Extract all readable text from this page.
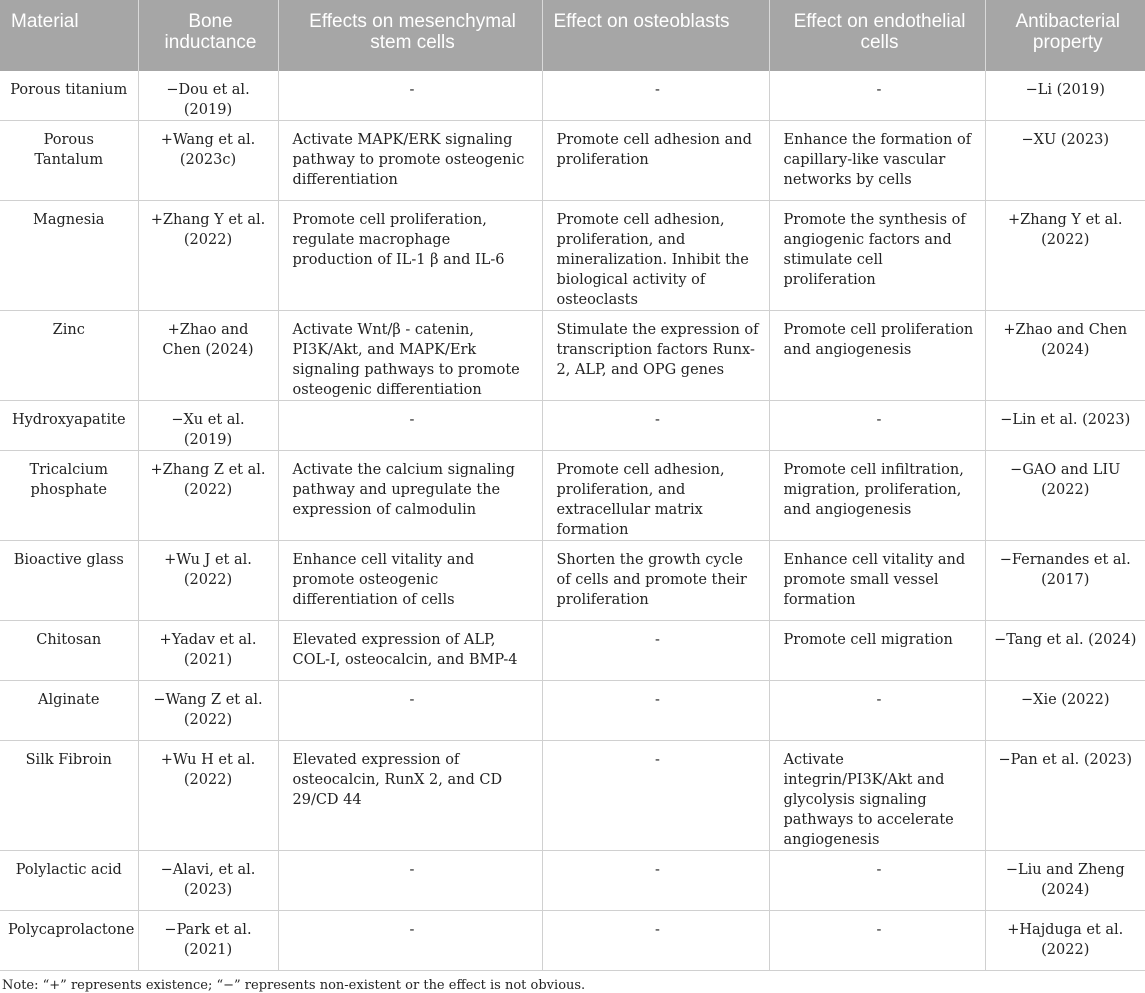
Material	Bone inductance	Effects on mesenchymal stem cells	Effect on osteoblasts	Effect on endothelial cells	Antibacterial property
Porous titanium	−Dou et al. (2019)	-	-	-	−Li (2019)
Porous Tantalum	+Wang et al. (2023c)	Activate MAPK/ERK signaling pathway to promote osteogenic differentiation	Promote cell adhesion and proliferation	Enhance the formation of capillary-like vascular networks by cells	−XU (2023)
Magnesia	+Zhang Y et al. (2022)	Promote cell proliferation, regulate macrophage production of IL-1 β and IL-6	Promote cell adhesion, proliferation, and mineralization. Inhibit the biological activity of osteoclasts	Promote the synthesis of angiogenic factors and stimulate cell proliferation	+Zhang Y et al. (2022)
Zinc	+Zhao and Chen (2024)	Activate Wnt/β - catenin, PI3K/Akt, and MAPK/Erk signaling pathways to promote osteogenic differentiation	Stimulate the expression of transcription factors Runx-2, ALP, and OPG genes	Promote cell proliferation and angiogenesis	+Zhao and Chen (2024)
Hydroxyapatite	−Xu et al. (2019)	-	-	-	−Lin et al. (2023)
Tricalcium phosphate	+Zhang Z et al. (2022)	Activate the calcium signaling pathway and upregulate the expression of calmodulin	Promote cell adhesion, proliferation, and extracellular matrix formation	Promote cell infiltration, migration, proliferation, and angiogenesis	−GAO and LIU (2022)
Bioactive glass	+Wu J et al. (2022)	Enhance cell vitality and promote osteogenic differentiation of cells	Shorten the growth cycle of cells and promote their proliferation	Enhance cell vitality and promote small vessel formation	−Fernandes et al. (2017)
Chitosan	+Yadav et al. (2021)	Elevated expression of ALP, COL-I, osteocalcin, and BMP-4	-	Promote cell migration	−Tang et al. (2024)
Alginate	−Wang Z et al. (2022)	-	-	-	−Xie (2022)
Silk Fibroin	+Wu H et al. (2022)	Elevated expression of osteocalcin, RunX 2, and CD 29/CD 44	-	Activate integrin/PI3K/Akt and glycolysis signaling pathways to accelerate angiogenesis	−Pan et al. (2023)
Polylactic acid	−Alavi, et al. (2023)	-	-	-	−Liu and Zheng (2024)
Polycaprolactone	−Park et al. (2021)	-	-	-	+Hajduga et al. (2022)
Note: “+” represents existence; “−” represents non-existent or the effect is not obvious.
